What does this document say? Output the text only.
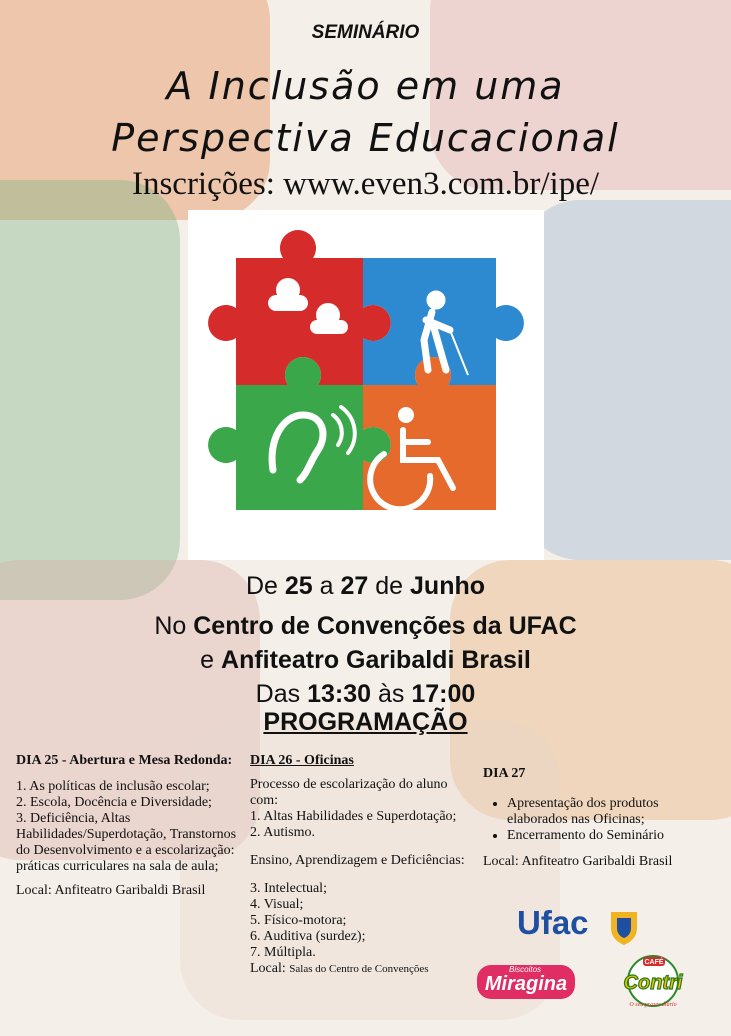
SEMINÁRIO
A Inclusão em uma
Perspectiva Educacional
Inscrições: www.even3.com.br/ipe/
De 25 a 27 de Junho
No Centro de Convenções da UFAC
e Anfiteatro Garibaldi Brasil
Das 13:30 às 17:00
PROGRAMAÇÃO

DIA 25 - Abertura e Mesa Redonda:

1. As políticas de inclusão escolar;

2. Escola, Docência e Diversidade;

3. Deficiência, Altas Habilidades/Superdotação, Transtornos do Desenvolvimento e a escolarização: práticas curriculares na sala de aula;

Local: Anfiteatro Garibaldi Brasil

DIA 26 - Oficinas

Processo de escolarização do aluno com:

1. Altas Habilidades e Superdotação;

2. Autismo.

Ensino, Aprendizagem e Deficiências:

3. Intelectual;

4. Visual;

5. Físico-motora;

6. Auditiva (surdez);

7. Múltipla.

Local: Salas do Centro de Convenções

DIA 27

• Apresentação dos produtos elaborados nas Oficinas;
• Encerramento do Seminário

Local: Anfiteatro Garibaldi Brasil

Ufac
Biscoitos
Miragina
CAFÉ
Contri
O seu prazer diário
